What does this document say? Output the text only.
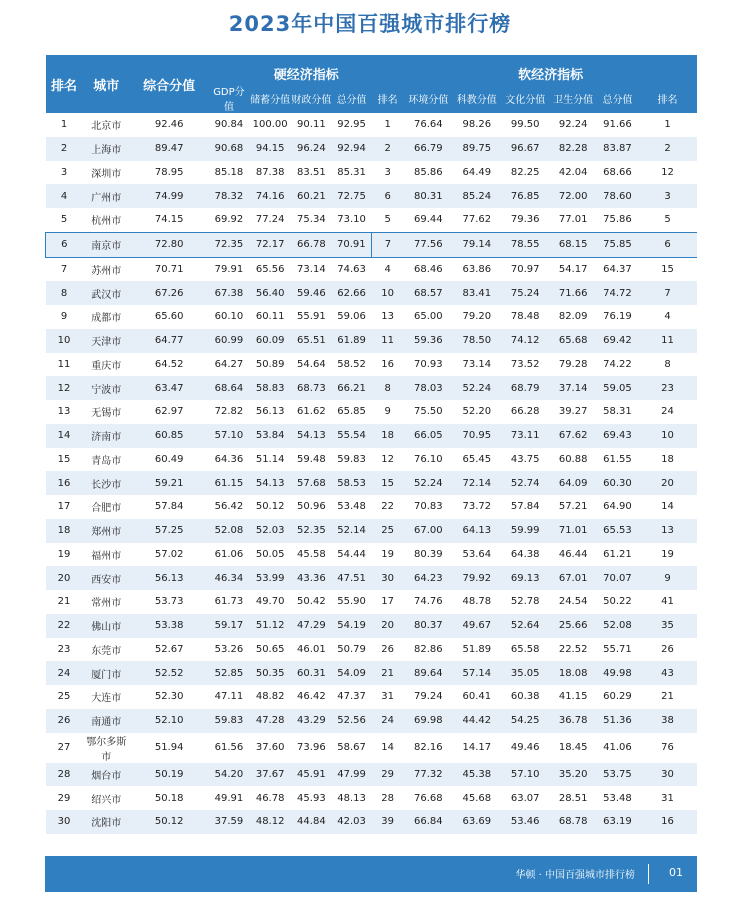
2023年中国百强城市排行榜
排名	城市	综合分值	硬经济指标					软经济指标					
			GDP分值	储蓄分值	财政分值	总分值	排名	环境分值	科教分值	文化分值	卫生分值	总分值	排名
1	北京市	92.46	90.84	100.00	90.11	92.95	1	76.64	98.26	99.50	92.24	91.66	1
2	上海市	89.47	90.68	94.15	96.24	92.94	2	66.79	89.75	96.67	82.28	83.87	2
3	深圳市	78.95	85.18	87.38	83.51	85.31	3	85.86	64.49	82.25	42.04	68.66	12
4	广州市	74.99	78.32	74.16	60.21	72.75	6	80.31	85.24	76.85	72.00	78.60	3
5	杭州市	74.15	69.92	77.24	75.34	73.10	5	69.44	77.62	79.36	77.01	75.86	5
6	南京市	72.80	72.35	72.17	66.78	70.91	7	77.56	79.14	78.55	68.15	75.85	6
7	苏州市	70.71	79.91	65.56	73.14	74.63	4	68.46	63.86	70.97	54.17	64.37	15
8	武汉市	67.26	67.38	56.40	59.46	62.66	10	68.57	83.41	75.24	71.66	74.72	7
9	成都市	65.60	60.10	60.11	55.91	59.06	13	65.00	79.20	78.48	82.09	76.19	4
10	天津市	64.77	60.99	60.09	65.51	61.89	11	59.36	78.50	74.12	65.68	69.42	11
11	重庆市	64.52	64.27	50.89	54.64	58.52	16	70.93	73.14	73.52	79.28	74.22	8
12	宁波市	63.47	68.64	58.83	68.73	66.21	8	78.03	52.24	68.79	37.14	59.05	23
13	无锡市	62.97	72.82	56.13	61.62	65.85	9	75.50	52.20	66.28	39.27	58.31	24
14	济南市	60.85	57.10	53.84	54.13	55.54	18	66.05	70.95	73.11	67.62	69.43	10
15	青岛市	60.49	64.36	51.14	59.48	59.83	12	76.10	65.45	43.75	60.88	61.55	18
16	长沙市	59.21	61.15	54.13	57.68	58.53	15	52.24	72.14	52.74	64.09	60.30	20
17	合肥市	57.84	56.42	50.12	50.96	53.48	22	70.83	73.72	57.84	57.21	64.90	14
18	郑州市	57.25	52.08	52.03	52.35	52.14	25	67.00	64.13	59.99	71.01	65.53	13
19	福州市	57.02	61.06	50.05	45.58	54.44	19	80.39	53.64	64.38	46.44	61.21	19
20	西安市	56.13	46.34	53.99	43.36	47.51	30	64.23	79.92	69.13	67.01	70.07	9
21	常州市	53.73	61.73	49.70	50.42	55.90	17	74.76	48.78	52.78	24.54	50.22	41
22	佛山市	53.38	59.17	51.12	47.29	54.19	20	80.37	49.67	52.64	25.66	52.08	35
23	东莞市	52.67	53.26	50.65	46.01	50.79	26	82.86	51.89	65.58	22.52	55.71	26
24	厦门市	52.52	52.85	50.35	60.31	54.09	21	89.64	57.14	35.05	18.08	49.98	43
25	大连市	52.30	47.11	48.82	46.42	47.37	31	79.24	60.41	60.38	41.15	60.29	21
26	南通市	52.10	59.83	47.28	43.29	52.56	24	69.98	44.42	54.25	36.78	51.36	38
27	鄂尔多斯市	51.94	61.56	37.60	73.96	58.67	14	82.16	14.17	49.46	18.45	41.06	76
28	烟台市	50.19	54.20	37.67	45.91	47.99	29	77.32	45.38	57.10	35.20	53.75	30
29	绍兴市	50.18	49.91	46.78	45.93	48.13	28	76.68	45.68	63.07	28.51	53.48	31
30	沈阳市	50.12	37.59	48.12	44.84	42.03	39	66.84	63.69	53.46	68.78	63.19	16
华顿 · 中国百强城市排行榜	01
